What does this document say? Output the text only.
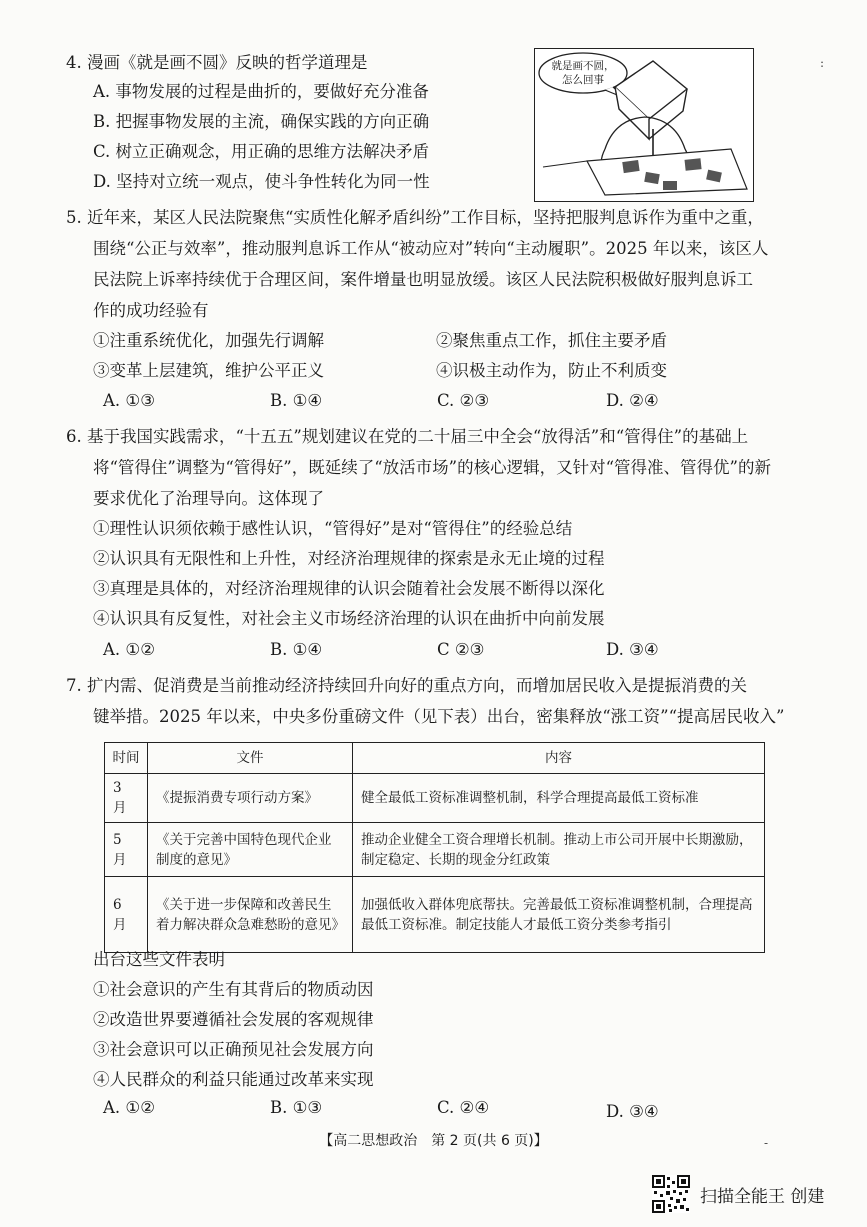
4. 漫画《就是画不圆》反映的哲学道理是
A. 事物发展的过程是曲折的，要做好充分准备
B. 把握事物发展的主流，确保实践的方向正确
C. 树立正确观念，用正确的思维方法解决矛盾
D. 坚持对立统一观点，使斗争性转化为同一性
就是画不圆，
怎么回事
:
5. 近年来，某区人民法院聚焦“实质性化解矛盾纠纷”工作目标，坚持把服判息诉作为重中之重，
围绕“公正与效率”，推动服判息诉工作从“被动应对”转向“主动履职”。2025 年以来，该区人
民法院上诉率持续优于合理区间，案件增量也明显放缓。该区人民法院积极做好服判息诉工
作的成功经验有
①注重系统优化，加强先行调解	②聚焦重点工作，抓住主要矛盾
③变革上层建筑，维护公平正义	④识极主动作为，防止不利质变
A. ①③	B. ①④	C. ②③	D. ②④
6. 基于我国实践需求，“十五五”规划建议在党的二十届三中全会“放得活”和“管得住”的基础上
将“管得住”调整为“管得好”，既延续了“放活市场”的核心逻辑，又针对“管得准、管得优”的新
要求优化了治理导向。这体现了
①理性认识须依赖于感性认识，“管得好”是对“管得住”的经验总结
②认识具有无限性和上升性，对经济治理规律的探索是永无止境的过程
③真理是具体的，对经济治理规律的认识会随着社会发展不断得以深化
④认识具有反复性，对社会主义市场经济治理的认识在曲折中向前发展
A. ①②	B. ①④	C ②③	D. ③④
7. 扩内需、促消费是当前推动经济持续回升向好的重点方向，而增加居民收入是提振消费的关
键举措。2025 年以来，中央多份重磅文件（见下表）出台，密集释放“涨工资”“提高居民收入”
时间	文件	内容
3 月	《提振消费专项行动方案》	健全最低工资标准调整机制，科学合理提高最低工资标准
5 月	《关于完善中国特色现代企业制度的意见》	推动企业健全工资合理增长机制。推动上市公司开展中长期激励，制定稳定、长期的现金分红政策
6 月	《关于进一步保障和改善民生 着力解决群众急难愁盼的意见》	加强低收入群体兜底帮扶。完善最低工资标准调整机制，合理提高最低工资标准。制定技能人才最低工资分类参考指引
出台这些文件表明
①社会意识的产生有其背后的物质动因
②改造世界要遵循社会发展的客观规律
③社会意识可以正确预见社会发展方向
④人民群众的利益只能通过改革来实现
A. ①②	B. ①③	C. ②④	D. ③④
【高二思想政治　第 2 页(共 6 页)】	-
扫描全能王 创建
